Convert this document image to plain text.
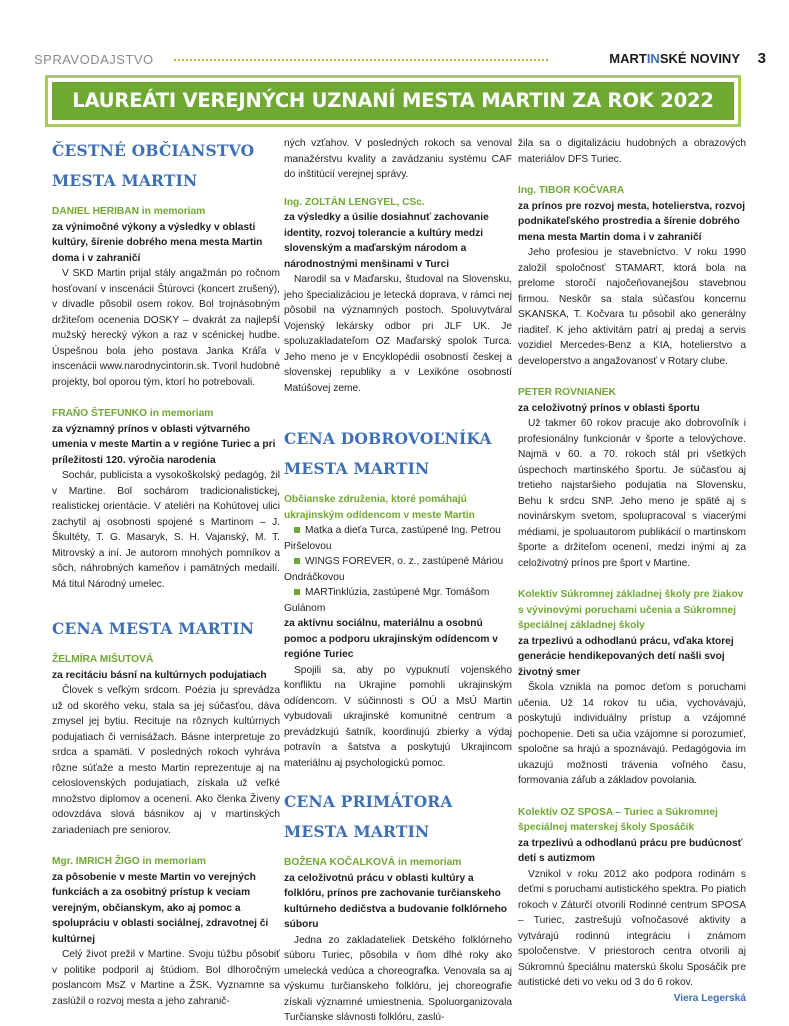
SPRAVODAJSTVO	MARTINSKÉ NOVINY 3
LAUREÁTI VEREJNÝCH UZNANÍ MESTA MARTIN ZA ROK 2022

ČESTNÉ OBČIANSTVO

MESTA MARTIN

DANIEL HERIBAN in memoriam

za výnimočné výkony a výsledky v oblasti kultúry, šírenie dobrého mena mesta Martin doma i v zahraničí

V SKD Martin prijal stály angažmán po ročnom hosťovaní v inscenácii Štúrovci (koncert zrušený), v divadle pôsobil osem rokov. Bol trojnásobným držiteľom ocenenia DOSKY – dvakrát za najlepší mužský herecký výkon a raz v scénickej hudbe. Úspešnou bola jeho postava Janka Kráľa v inscenácii www.narodnycintorin.sk. Tvoril hudobné projekty, bol oporou tým, ktorí ho potrebovali.

FRAŇO ŠTEFUNKO in memoriam

za významný prínos v oblasti výtvarného umenia v meste Martin a v regióne Turiec a pri príležitosti 120. výročia narodenia

Sochár, publicista a vysokoškolský pedagóg, žil v Martine. Bol sochárom tradicionalistickej, realistickej orientácie. V ateliéri na Kohútovej ulici zachytil aj osobnosti spojené s Martinom – J. Škultéty, T. G. Masaryk, S. H. Vajanský, M. T. Mitrovský a iní. Je autorom mnohých pomníkov a sôch, náhrobných kameňov i pamätných medailí. Má titul Národný umelec.

CENA MESTA MARTIN

ŽELMÍRA MIŠUTOVÁ

za recitáciu básní na kultúrnych podujatiach

Človek s veľkým srdcom. Poézia ju sprevádza už od skorého veku, stala sa jej súčasťou, dáva zmysel jej bytiu. Recituje na rôznych kultúrnych podujatiach či vernisážach. Básne interpretuje zo srdca a spamäti. V posledných rokoch vyhráva rôzne súťaže a mesto Martin reprezentuje aj na celoslovenských podujatiach, získala už veľké množstvo diplomov a ocenení. Ako členka Živeny odovzdáva slová básnikov aj v martinských zariadeniach pre seniorov.

Mgr. IMRICH ŽIGO in memoriam

za pôsobenie v meste Martin vo verejných funkciách a za osobitný prístup k veciam verejným, občianskym, ako aj pomoc a spolupráciu v oblasti sociálnej, zdravotnej či kultúrnej

Celý život prežil v Martine. Svoju túžbu pôsobiť v politike podporil aj štúdiom. Bol dlhoročným poslancom MsZ v Martine a ŽSK. Vyznamne sa zaslúžil o rozvoj mesta a jeho zahranič-

ných vzťahov. V posledných rokoch sa venoval manažérstvu kvality a zavádzaniu systému CAF do inštitúcií verejnej správy.

Ing. ZOLTÁN LENGYEL, CSc.

za výsledky a úsilie dosiahnuť zachovanie identity, rozvoj tolerancie a kultúry medzi slovenským a maďarským národom a národnostnými menšinami v Turci

Narodil sa v Maďarsku, študoval na Slovensku, jeho špecializáciou je letecká doprava, v rámci nej pôsobil na významných postoch. Spoluvytváral Vojenský lekársky odbor pri JLF UK. Je spoluzakladateľom OZ Maďarský spolok Turca. Jeho meno je v Encyklopédii osobností českej a slovenskej republiky a v Lexikóne osobností Matúšovej zeme.

CENA DOBROVOĽNÍKA

MESTA MARTIN

Občianske združenia, ktoré pomáhajú ukrajinským odídencom v meste Martin

Matka a dieťa Turca, zastúpené Ing. Petrou Piršelovou

WINGS FOREVER, o. z., zastúpené Máriou Ondráčkovou

MARTinklúzia, zastúpené Mgr. Tomášom Gulánom

za aktívnu sociálnu, materiálnu a osobnú pomoc a podporu ukrajinským odídencom v regióne Turiec

Spojili sa, aby po vypuknutí vojenského konfliktu na Ukrajine pomohli ukrajinským odídencom. V súčinnosti s OÚ a MsÚ Martin vybudovali ukrajinské komunitné centrum a prevádzkujú šatník, koordinujú zbierky a výdaj potravín a šatstva a poskytujú Ukrajincom materiálnu aj psychologickú pomoc.

CENA PRIMÁTORA

MESTA MARTIN

BOŽENA KOČALKOVÁ in memoriam

za celoživotnú prácu v oblasti kultúry a folklóru, prínos pre zachovanie turčianskeho kultúrneho dedičstva a budovanie folklórneho súboru

Jedna zo zakladateliek Detského folklórneho súboru Turiec, pôsobila v ňom dlhé roky ako umelecká vedúca a choreografka. Venovala sa aj výskumu turčianskeho folklóru, jej choreografie získali významné umiestnenia. Spoluorganizovala Turčianske slávnosti folklóru, zaslú-

žila sa o digitalizáciu hudobných a obrazových materiálov DFS Turiec.

Ing. TIBOR KOČVARA

za prínos pre rozvoj mesta, hotelierstva, rozvoj podnikateľského prostredia a šírenie dobrého mena mesta Martin doma i v zahraničí

Jeho profesiou je stavebníctvo. V roku 1990 založil spoločnosť STAMART, ktorá bola na prelome storočí najočeňovanejšou stavebnou firmou. Neskôr sa stala súčasťou koncernu SKANSKA, T. Kočvara tu pôsobil ako generálny riaditeľ. K jeho aktivitám patrí aj predaj a servis vozidiel Mercedes-Benz a KIA, hotelierstvo a developerstvo a angažovanosť v Rotary clube.

PETER ROVNIANEK

za celoživotný prínos v oblasti športu

Už takmer 60 rokov pracuje ako dobrovoľník i profesionálny funkcionár v športe a telovýchove. Najmä v 60. a 70. rokoch stál pri všetkých úspechoch martinského športu. Je súčasťou aj tretieho najstaršieho podujatia na Slovensku, Behu k srdcu SNP. Jeho meno je späté aj s novinárskym svetom, spolupracoval s viacerými médiami, je spoluautorom publikácií o martinskom športe a držiteľom ocenení, medzi inými aj za celoživotný prínos pre šport v Martine.

Kolektív Súkromnej základnej školy pre žiakov s vývinovými poruchami učenia a Súkromnej špeciálnej základnej školy

za trpezlivú a odhodlanú prácu, vďaka ktorej generácie hendikepovaných detí našli svoj životný smer

Škola vznikla na pomoc deťom s poruchami učenia. Už 14 rokov tu učia, vychovávajú, poskytujú individuálny prístup a vzájomné pochopenie. Deti sa učia vzájomne si porozumieť, spoločne sa hrajú a spoznávajú. Pedagógovia im ukazujú možnosti trávenia voľného času, formovania záľub a základov povolania.

Kolektív OZ SPOSA – Turiec a Súkromnej špeciálnej materskej školy Sposáčik

za trpezlivú a odhodlanú prácu pre budúcnosť detí s autizmom

Vznikol v roku 2012 ako podpora rodinám s deťmi s poruchami autistického spektra. Po piatich rokoch v Záturčí otvorili Rodinné centrum SPOSA – Turiec, zastrešujú voľnočasové aktivity a vytvárajú rodinnú integráciu i známom spoločenstve. V priestoroch centra otvorili aj Súkromnú špeciálnu materskú školu Sposáčik pre autistické deti vo veku od 3 do 6 rokov.

Viera Legerská
